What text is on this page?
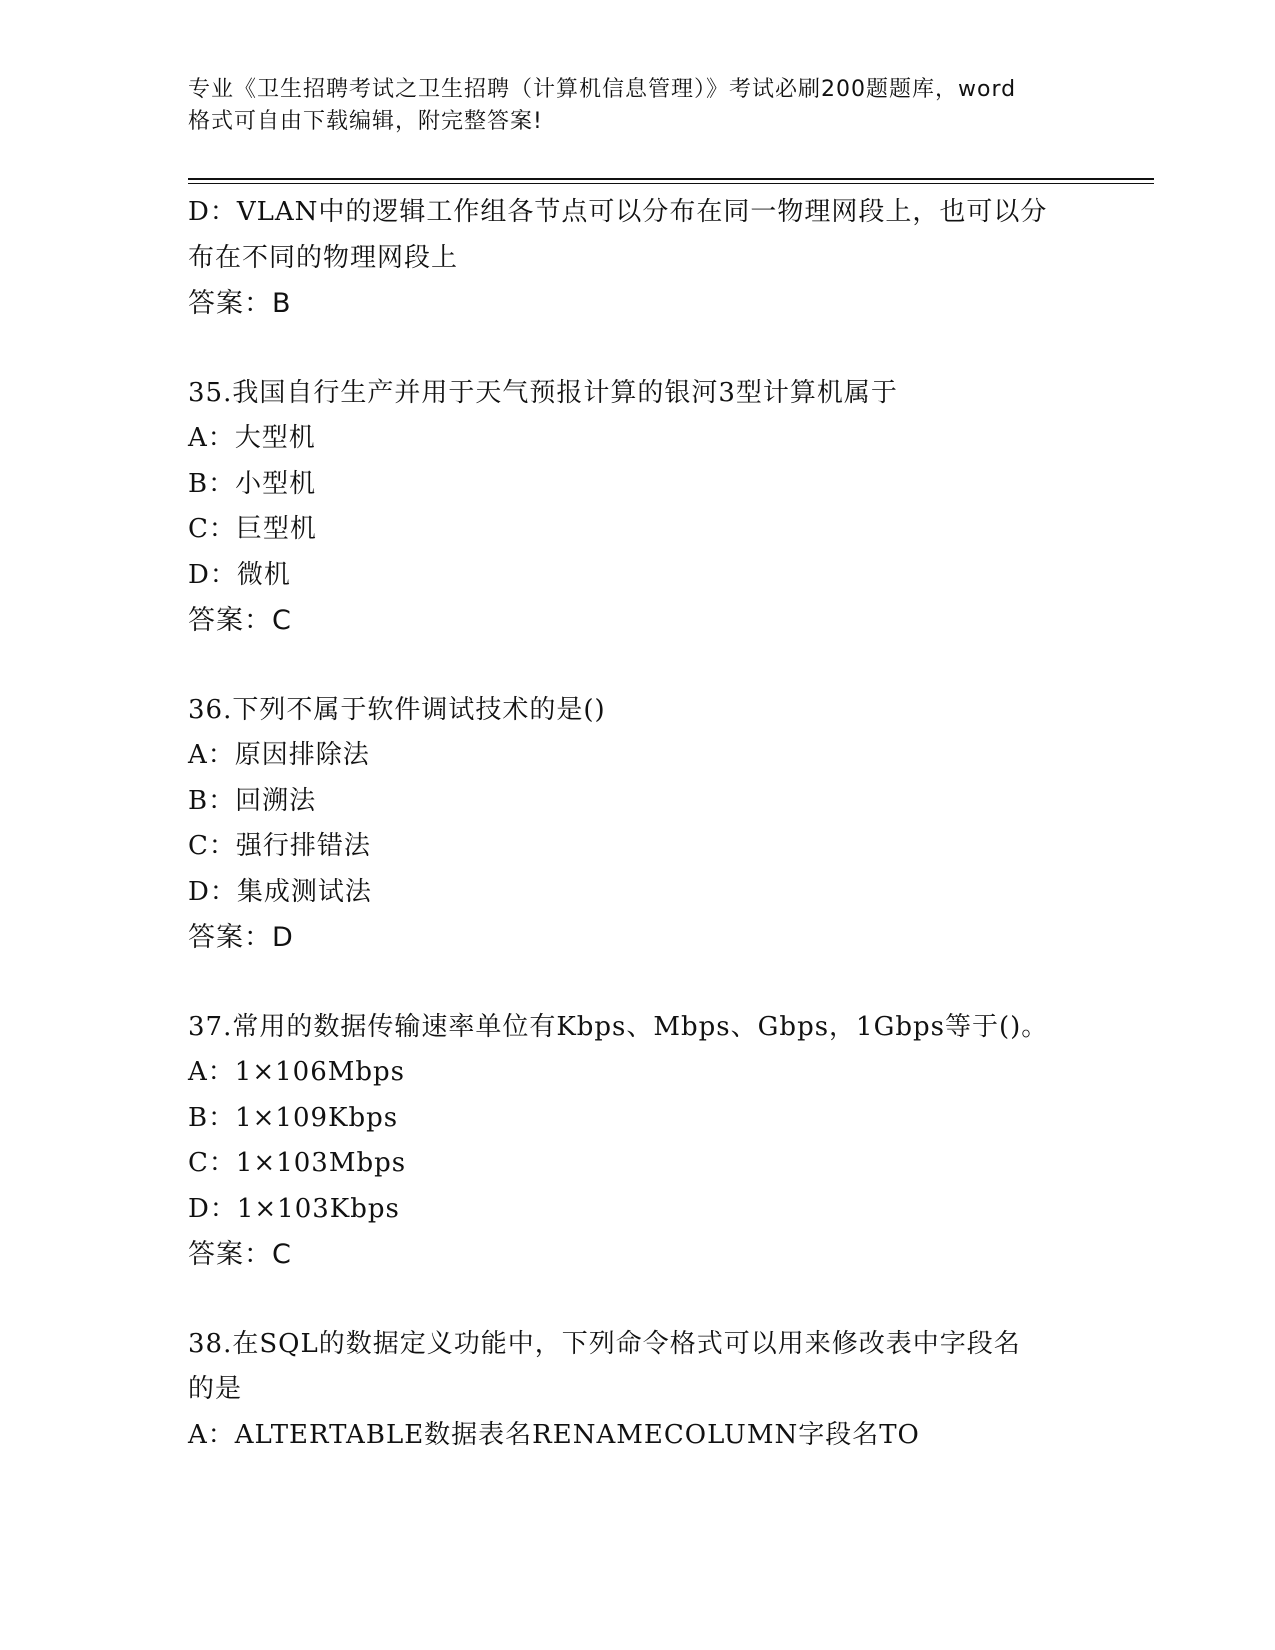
专业《卫生招聘考试之卫生招聘（计算机信息管理）》考试必刷200题题库，word
格式可自由下载编辑，附完整答案!
D：VLAN中的逻辑工作组各节点可以分布在同一物理网段上，也可以分
布在不同的物理网段上
答案：B
35.我国自行生产并用于天气预报计算的银河3型计算机属于
A：大型机
B：小型机
C：巨型机
D：微机
答案：C
36.下列不属于软件调试技术的是()
A：原因排除法
B：回溯法
C：强行排错法
D：集成测试法
答案：D
37.常用的数据传输速率单位有Kbps、Mbps、Gbps，1Gbps等于()。
A：1×106Mbps
B：1×109Kbps
C：1×103Mbps
D：1×103Kbps
答案：C
38.在SQL的数据定义功能中，下列命令格式可以用来修改表中字段名
的是
A：ALTERTABLE数据表名RENAMECOLUMN字段名TO
